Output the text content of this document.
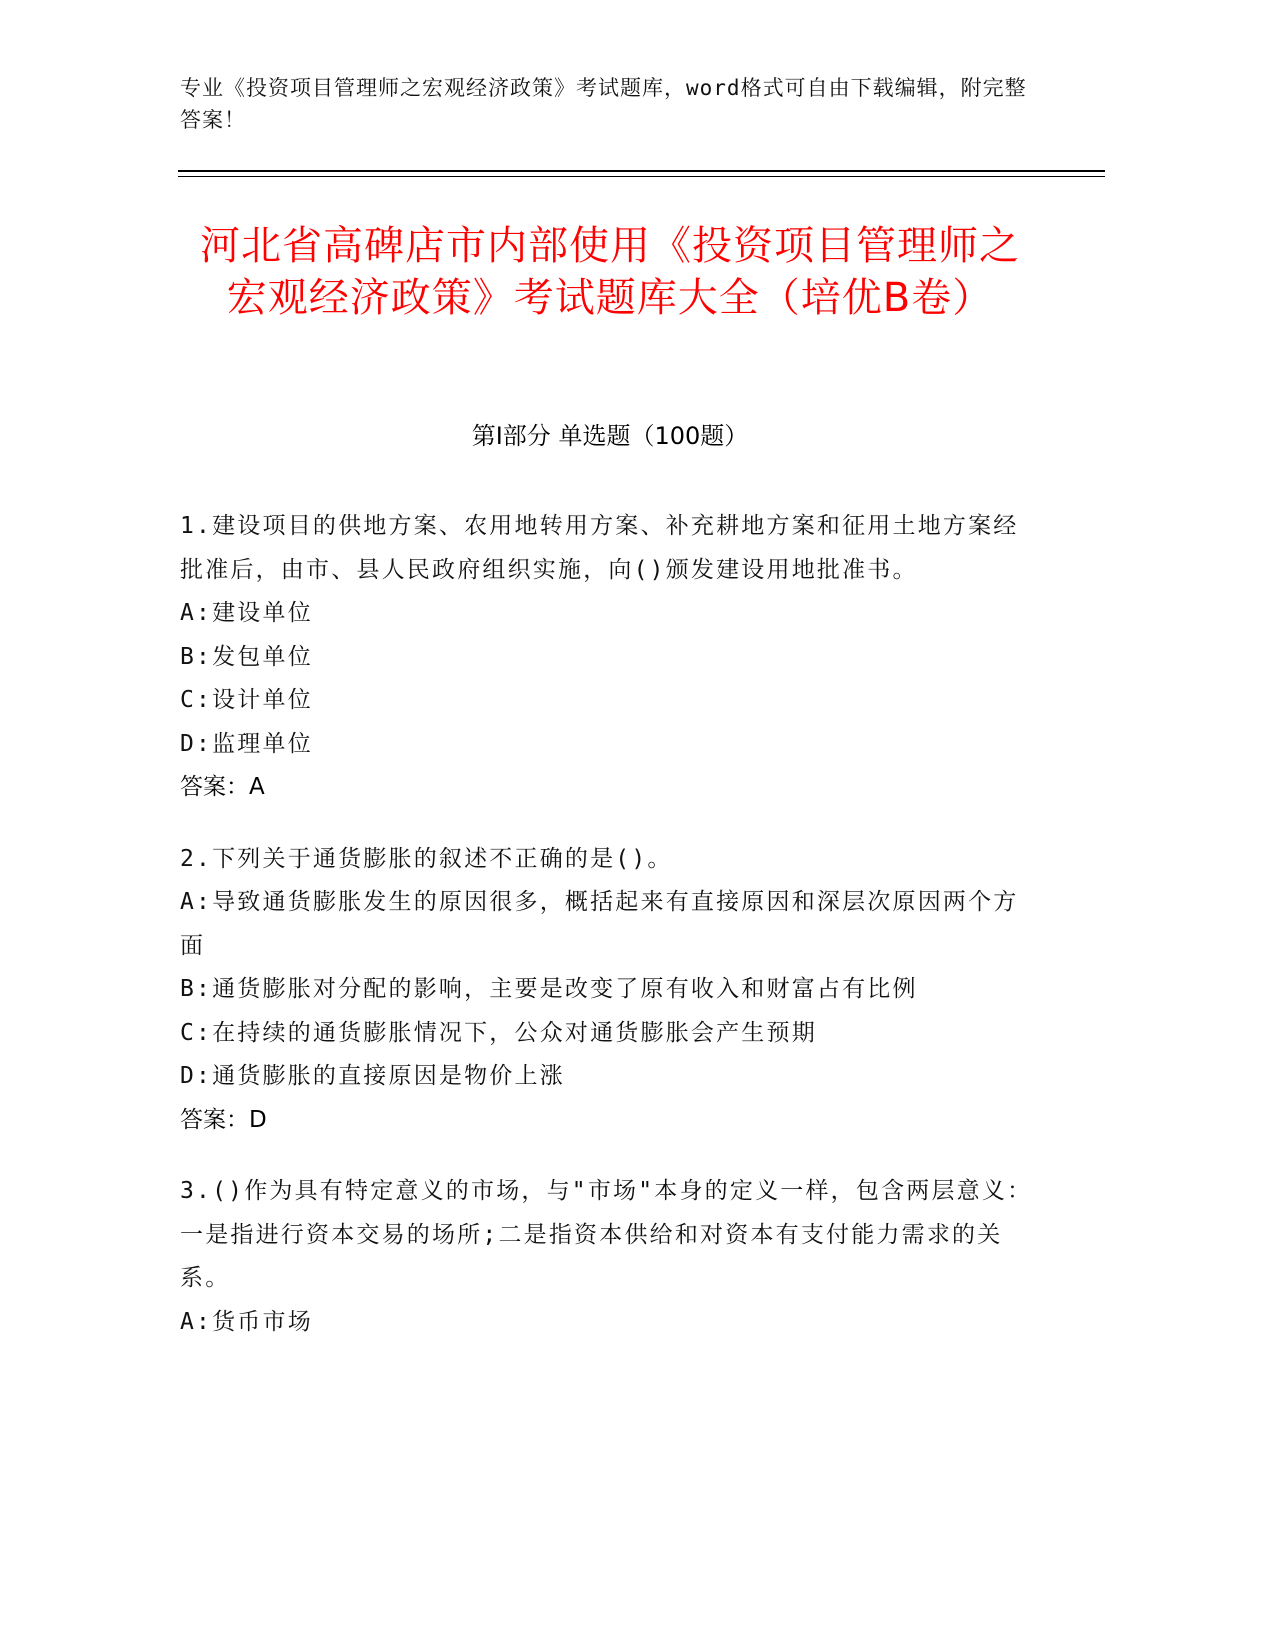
专业《投资项目管理师之宏观经济政策》考试题库，word格式可自由下载编辑，附完整答案！
河北省高碑店市内部使用《投资项目管理师之宏观经济政策》考试题库大全（培优B卷）
第I部分 单选题（100题）
1.建设项目的供地方案、农用地转用方案、补充耕地方案和征用土地方案经批准后，由市、县人民政府组织实施，向()颁发建设用地批准书。
A:建设单位
B:发包单位
C:设计单位
D:监理单位
答案：A
2.下列关于通货膨胀的叙述不正确的是()。
A:导致通货膨胀发生的原因很多，概括起来有直接原因和深层次原因两个方面
B:通货膨胀对分配的影响，主要是改变了原有收入和财富占有比例
C:在持续的通货膨胀情况下，公众对通货膨胀会产生预期
D:通货膨胀的直接原因是物价上涨
答案：D
3.()作为具有特定意义的市场，与"市场"本身的定义一样，包含两层意义：一是指进行资本交易的场所;二是指资本供给和对资本有支付能力需求的关系。
A:货币市场
